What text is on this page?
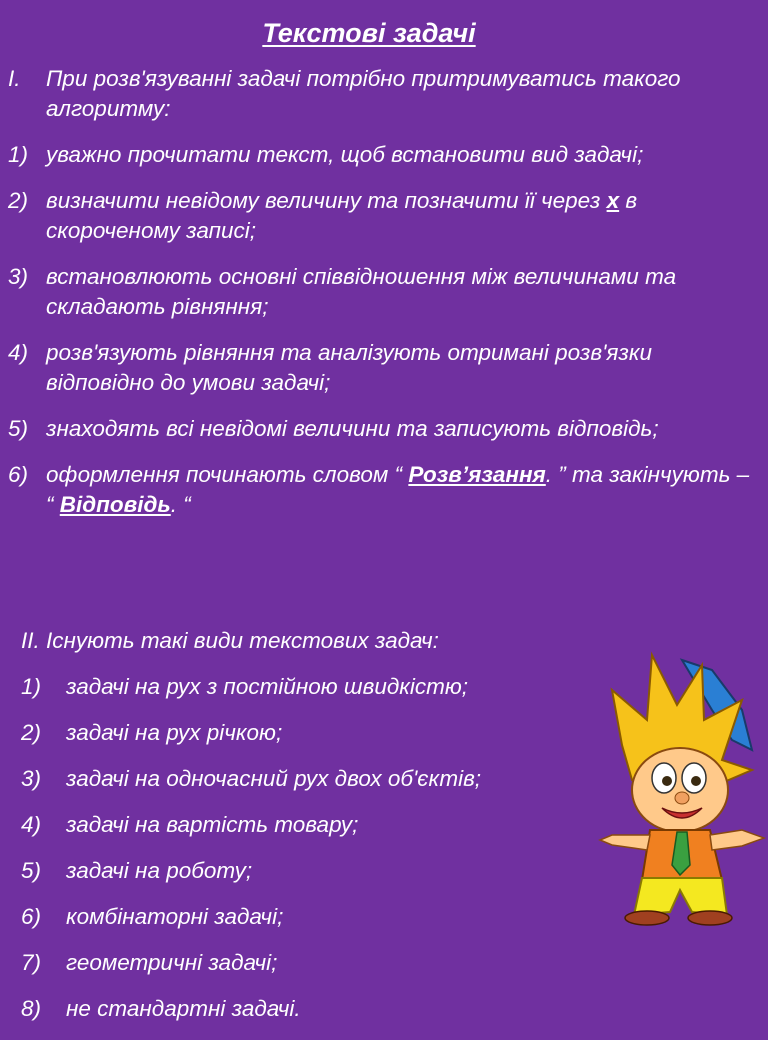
Текстові задачі
I. При розв'язуванні задачі потрібно притримуватись такого алгоритму:
1) уважно прочитати текст, щоб встановити вид задачі;
2) визначити невідому величину та позначити її через х в скороченому записі;
3) встановлюють основні співвідношення між величинами та складають рівняння;
4) розв'язують рівняння та аналізують отримані розв'язки відповідно до умови задачі;
5) знаходять всі невідомі величини та записують відповідь;
6) оформлення починають словом “ Розв’язання. ” та закінчують – “ Відповідь. “
II. Існують такі види текстових задач:
1) задачі на рух з постійною швидкістю;
2) задачі на рух річкою;
3) задачі на одночасний рух двох об'єктів;
4) задачі на вартість товару;
5) задачі на роботу;
6) комбінаторні задачі;
7) геометричні задачі;
8) не стандартні задачі.
